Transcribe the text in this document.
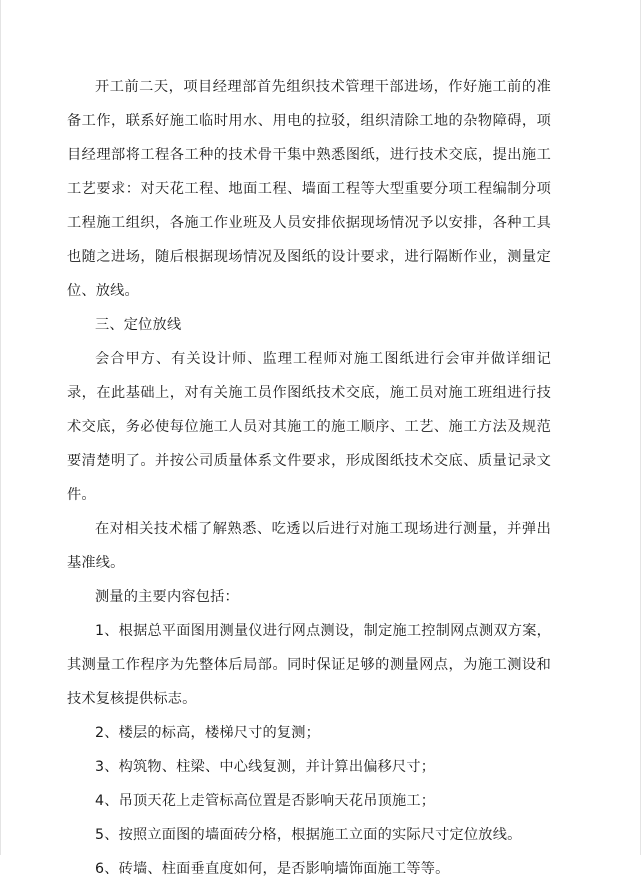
开工前二天，项目经理部首先组织技术管理干部进场，作好施工前的准备工作，联系好施工临时用水、用电的拉驳，组织清除工地的杂物障碍，项目经理部将工程各工种的技术骨干集中熟悉图纸，进行技术交底，提出施工工艺要求：对天花工程、地面工程、墙面工程等大型重要分项工程编制分项工程施工组织，各施工作业班及人员安排依据现场情况予以安排，各种工具也随之进场，随后根据现场情况及图纸的设计要求，进行隔断作业，测量定位、放线。

三、定位放线

会合甲方、有关设计师、监理工程师对施工图纸进行会审并做详细记录，在此基础上，对有关施工员作图纸技术交底，施工员对施工班组进行技术交底，务必使每位施工人员对其施工的施工顺序、工艺、施工方法及规范要清楚明了。并按公司质量体系文件要求，形成图纸技术交底、质量记录文件。

在对相关技术檑了解熟悉、吃透以后进行对施工现场进行测量，并弹出基准线。

测量的主要内容包括：

1、根据总平面图用测量仪进行网点测设，制定施工控制网点测双方案，其测量工作程序为先整体后局部。同时保证足够的测量网点，为施工测设和技术复核提供标志。

2、楼层的标高，楼梯尺寸的复测；

3、构筑物、柱梁、中心线复测，并计算出偏移尺寸；

4、吊顶天花上走管标高位置是否影响天花吊顶施工；

5、按照立面图的墙面砖分格，根据施工立面的实际尺寸定位放线。

6、砖墙、柱面垂直度如何，是否影响墙饰面施工等等。
